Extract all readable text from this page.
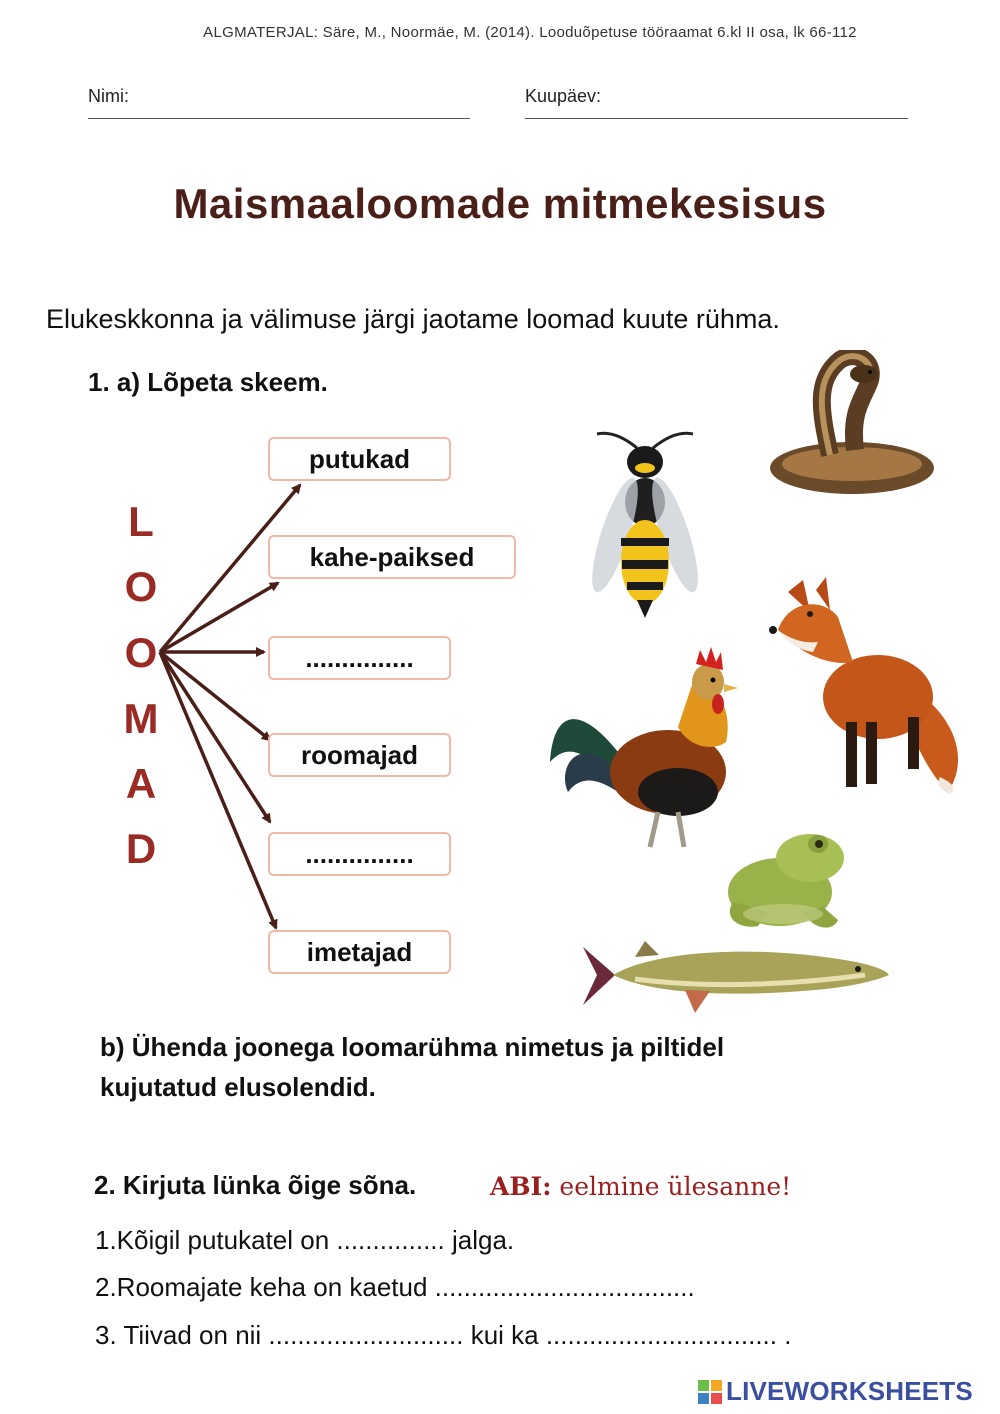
ALGMATERJAL: Säre, M., Noormäe, M. (2014). Looduõpetuse tööraamat 6.kl II osa, lk 66-112
Nimi:	Kuupäev:
Maismaaloomade mitmekesisus
Elukeskkonna ja välimuse järgi jaotame loomad kuute rühma.
1. a) Lõpeta skeem.
L
O
O
M
A
D
putukad
kahe-paiksed
...............
roomajad
...............
imetajad
b) Ühenda joonega loomarühma nimetus ja piltidel
kujutatud elusolendid.
2. Kirjuta lünka õige sõna.	ABI: eelmine ülesanne!
1.Kõigil putukatel on ............... jalga.
2.Roomajate keha on kaetud ....................................
3. Tiivad on nii ........................... kui ka ................................ .
LIVEWORKSHEETS
